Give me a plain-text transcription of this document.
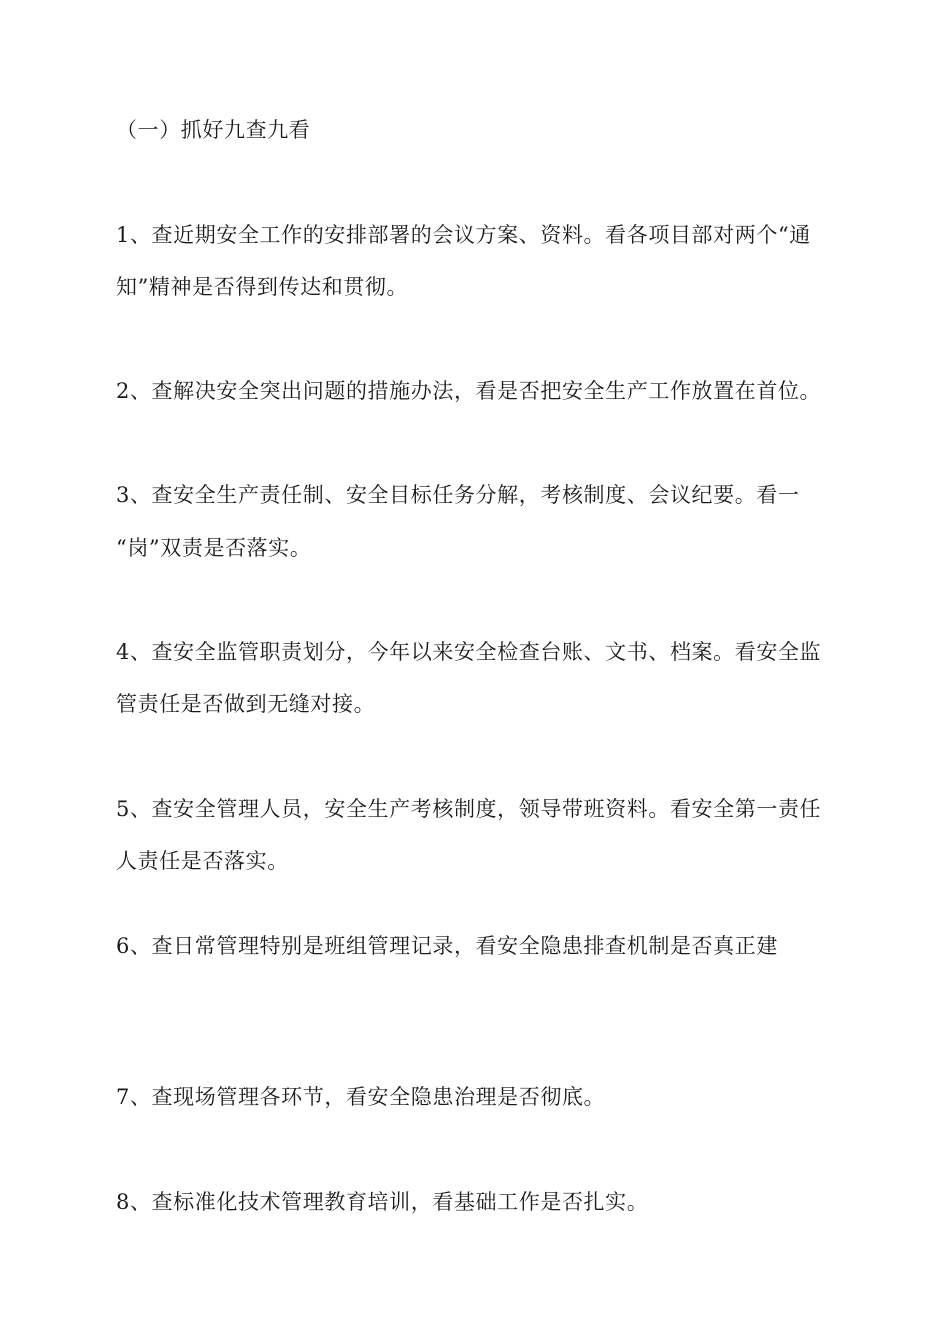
（一）抓好九查九看
1、查近期安全工作的安排部署的会议方案、资料。看各项目部对两个“通
知”精神是否得到传达和贯彻。
2、查解决安全突出问题的措施办法，看是否把安全生产工作放置在首位。
3、查安全生产责任制、安全目标任务分解，考核制度、会议纪要。看一
“岗”双责是否落实。
4、查安全监管职责划分，今年以来安全检查台账、文书、档案。看安全监
管责任是否做到无缝对接。
5、查安全管理人员，安全生产考核制度，领导带班资料。看安全第一责任
人责任是否落实。
6、查日常管理特别是班组管理记录，看安全隐患排查机制是否真正建
7、查现场管理各环节，看安全隐患治理是否彻底。
8、查标准化技术管理教育培训，看基础工作是否扎实。
